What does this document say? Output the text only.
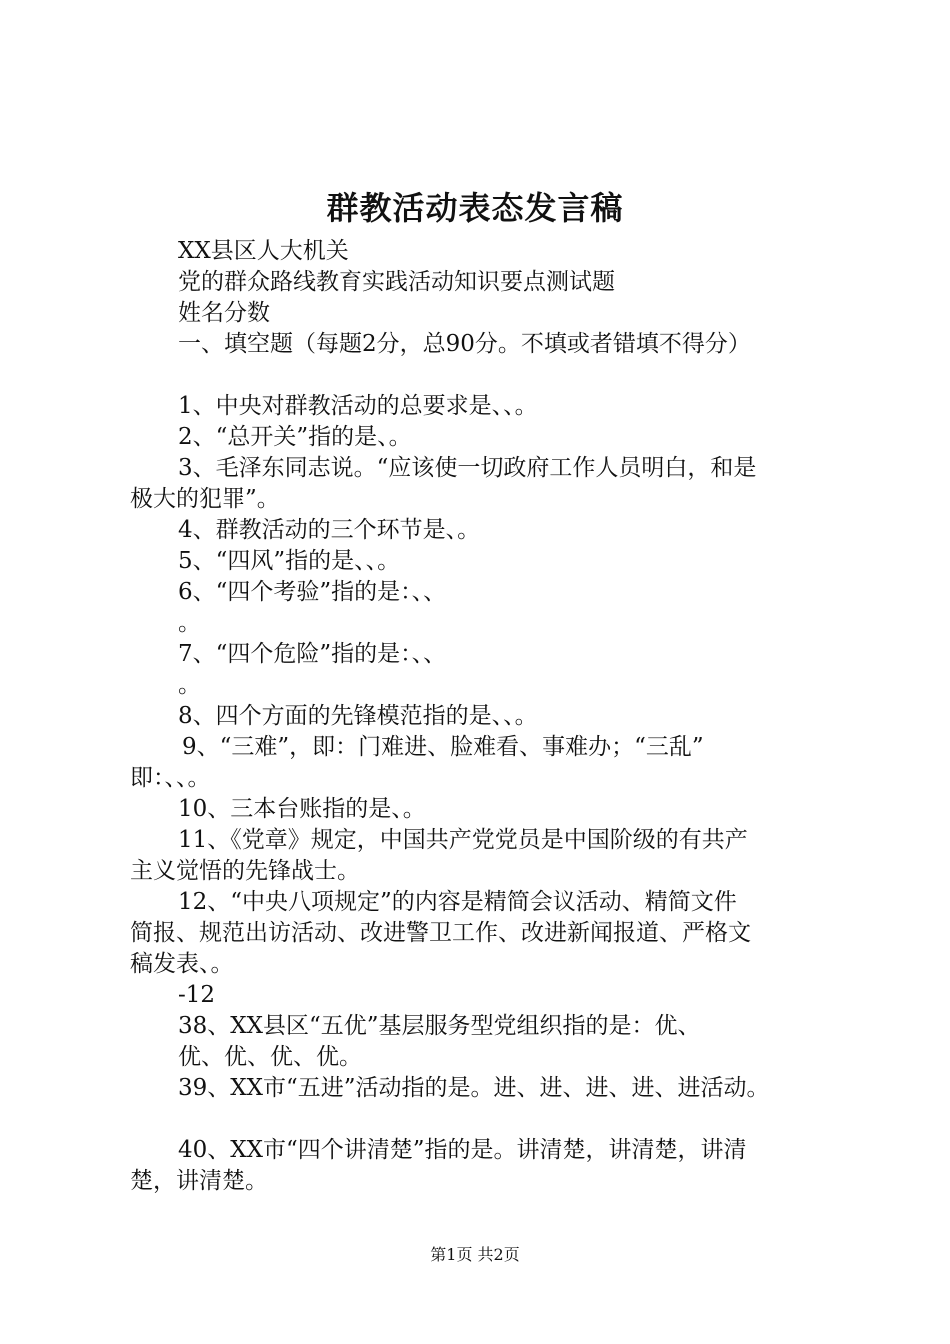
群教活动表态发言稿
XX县区人大机关
党的群众路线教育实践活动知识要点测试题
姓名分数
一、填空题（每题2分，总90分。不填或者错填不得分）
1、中央对群教活动的总要求是、、。
2、“总开关”指的是、。
3、毛泽东同志说。“应该使一切政府工作人员明白，和是
极大的犯罪”。
4、群教活动的三个环节是、。
5、“四风”指的是、、。
6、“四个考验”指的是：、、
。
7、“四个危险”指的是：、、
。
8、四个方面的先锋模范指的是、、。
9、“三难”，即：门难进、脸难看、事难办；“三乱”
即：、、。
10、三本台账指的是、。
11、《党章》规定，中国共产党党员是中国阶级的有共产
主义觉悟的先锋战士。
12、“中央八项规定”的内容是精简会议活动、精简文件
简报、规范出访活动、改进警卫工作、改进新闻报道、严格文
稿发表、。
-12
38、XX县区“五优”基层服务型党组织指的是：优、
优、优、优、优。
39、XX市“五进”活动指的是。进、进、进、进、进活动。
40、XX市“四个讲清楚”指的是。讲清楚，讲清楚，讲清
楚，讲清楚。
第1页 共2页
